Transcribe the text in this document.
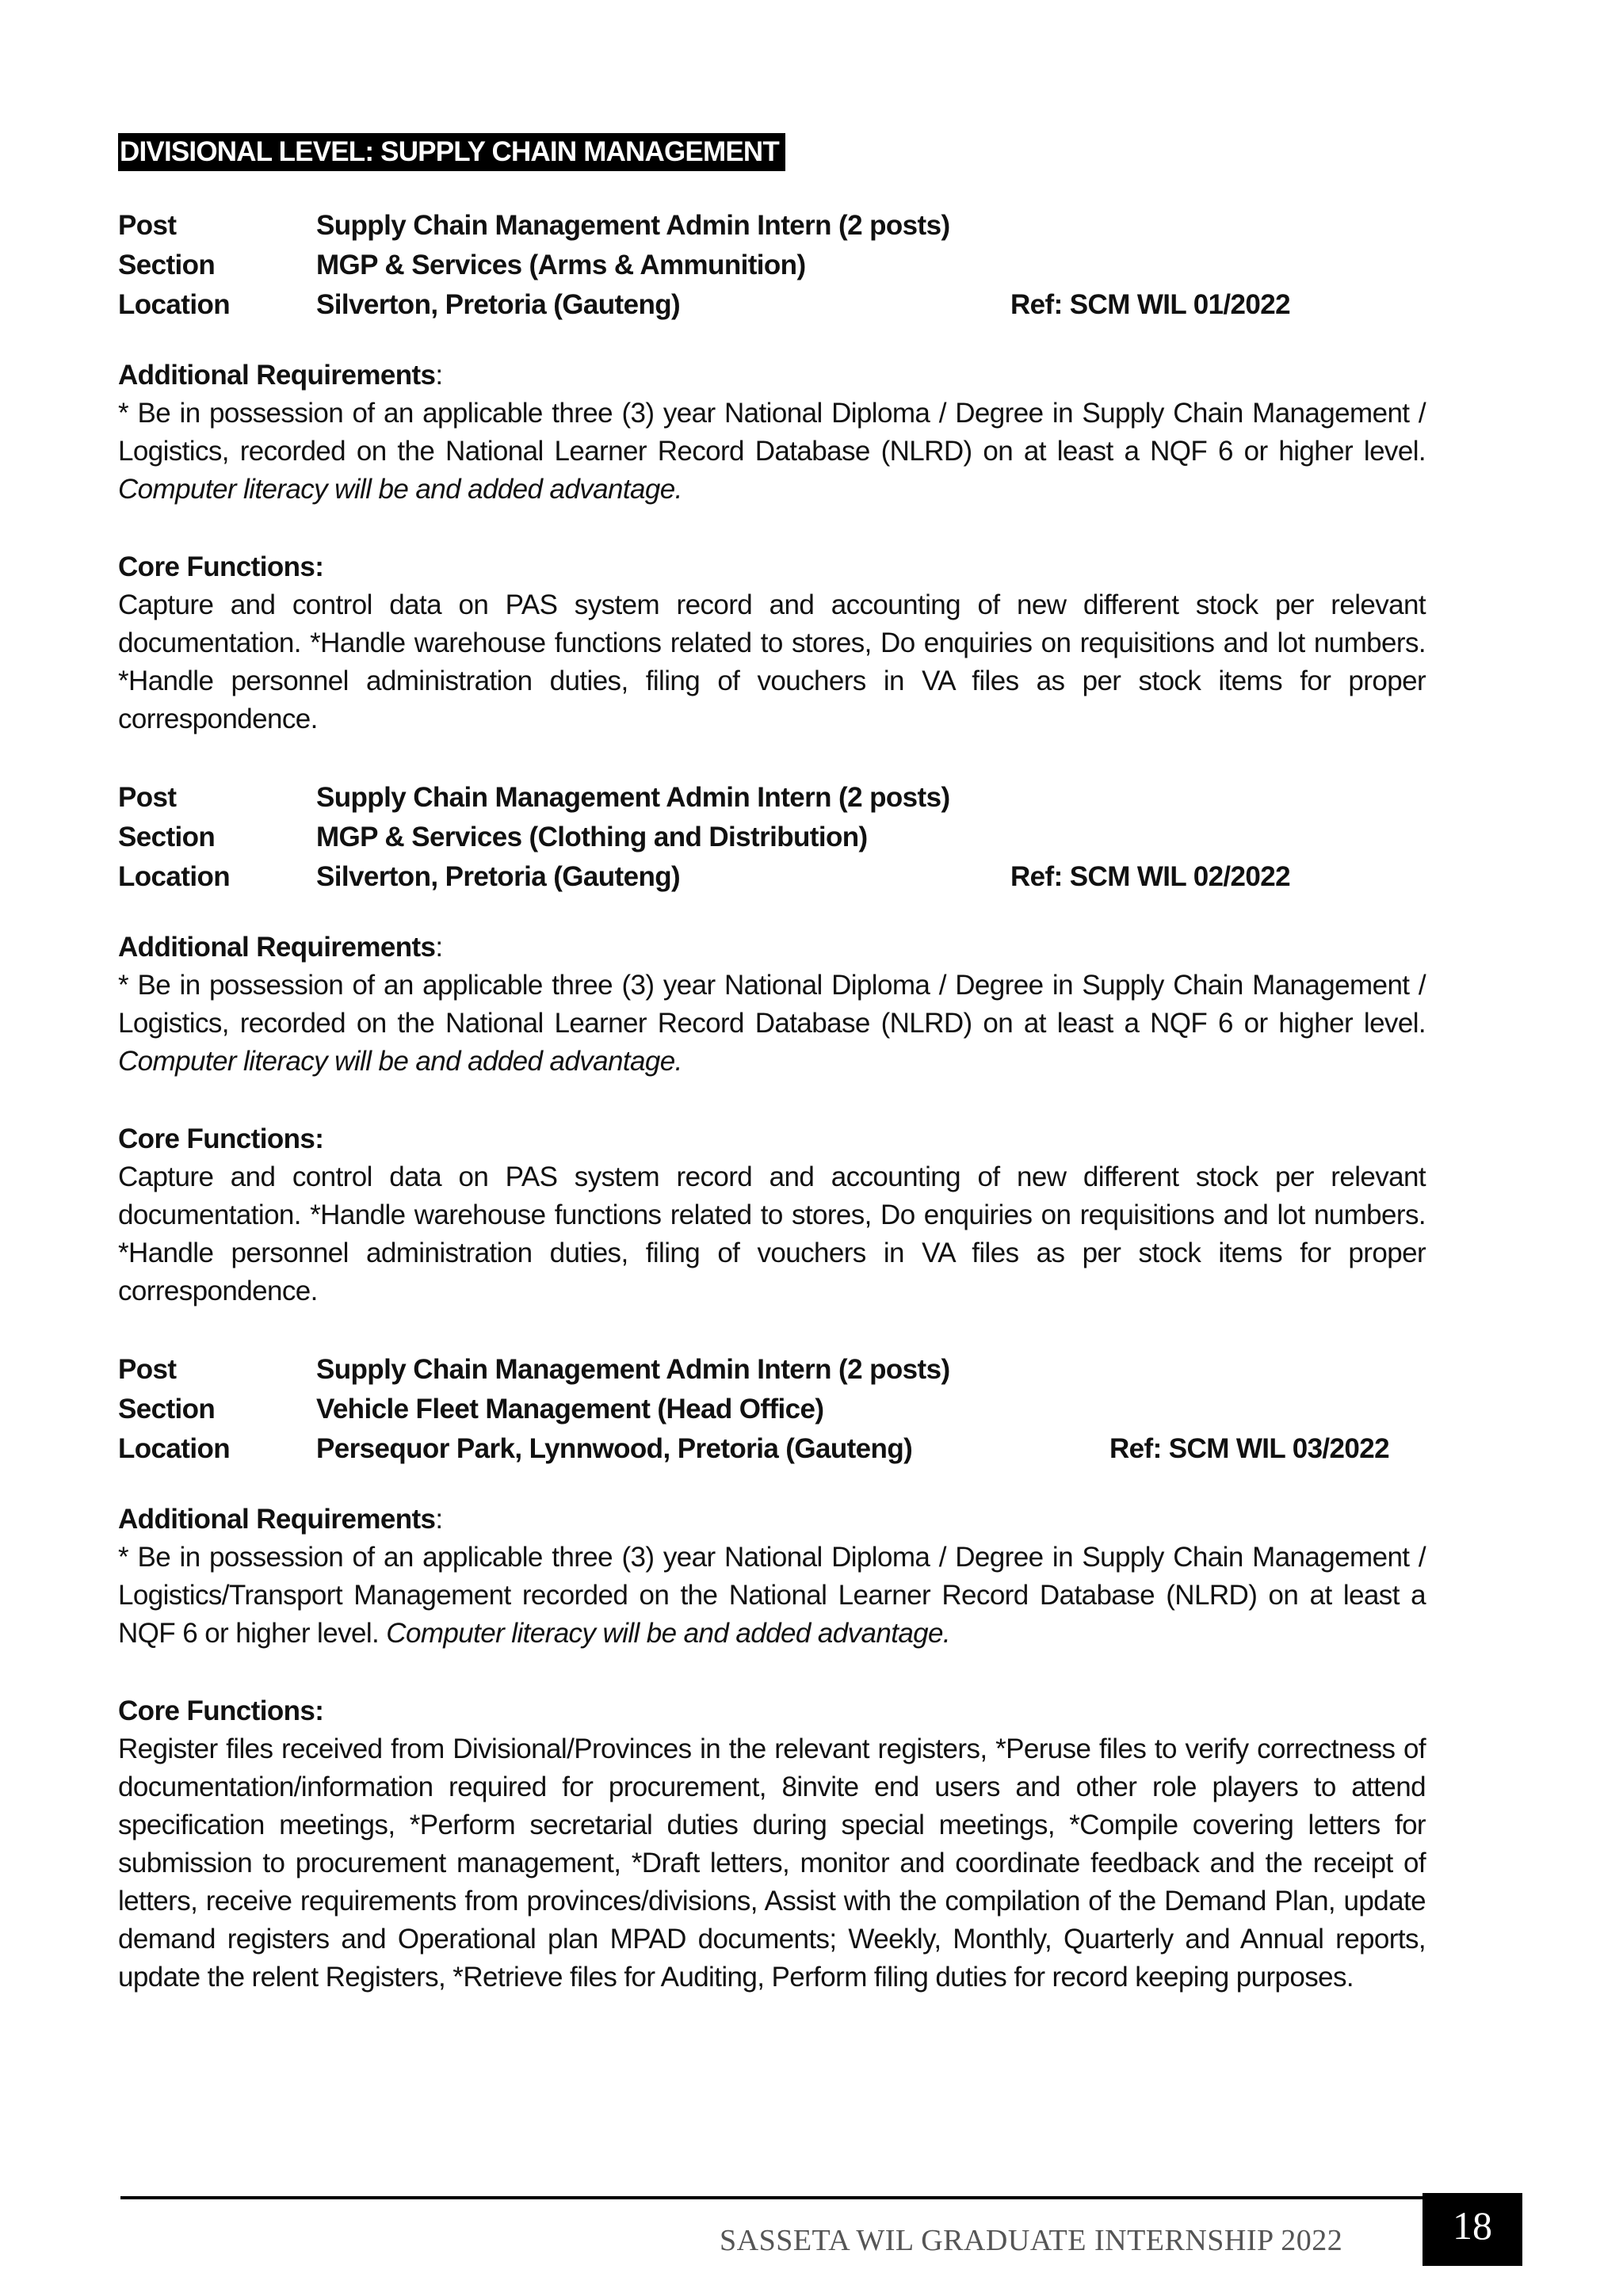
DIVISIONAL LEVEL: SUPPLY CHAIN MANAGEMENT
Post	Supply Chain Management Admin Intern (2 posts)
Section	MGP & Services (Arms & Ammunition)
Location	Silverton, Pretoria (Gauteng)	Ref: SCM WIL 01/2022
Additional Requirements:
* Be in possession of an applicable three (3) year National Diploma / Degree in Supply Chain Management / Logistics, recorded on the National Learner Record Database (NLRD) on at least a NQF 6 or higher level. Computer literacy will be and added advantage.
Core Functions:
Capture and control data on PAS system record and accounting of new different stock per relevant documentation. *Handle warehouse functions related to stores, Do enquiries on requisitions and lot numbers. *Handle personnel administration duties, filing of vouchers in VA files as per stock items for proper correspondence.
Post	Supply Chain Management Admin Intern (2 posts)
Section	MGP & Services (Clothing and Distribution)
Location	Silverton, Pretoria (Gauteng)	Ref: SCM WIL 02/2022
Additional Requirements:
* Be in possession of an applicable three (3) year National Diploma / Degree in Supply Chain Management / Logistics, recorded on the National Learner Record Database (NLRD) on at least a NQF 6 or higher level. Computer literacy will be and added advantage.
Core Functions:
Capture and control data on PAS system record and accounting of new different stock per relevant documentation. *Handle warehouse functions related to stores, Do enquiries on requisitions and lot numbers. *Handle personnel administration duties, filing of vouchers in VA files as per stock items for proper correspondence.
Post	Supply Chain Management Admin Intern (2 posts)
Section	Vehicle Fleet Management (Head Office)
Location	Persequor Park, Lynnwood, Pretoria (Gauteng)	Ref: SCM WIL 03/2022
Additional Requirements:
* Be in possession of an applicable three (3) year National Diploma / Degree in Supply Chain Management / Logistics/Transport Management recorded on the National Learner Record Database (NLRD) on at least a NQF 6 or higher level. Computer literacy will be and added advantage.
Core Functions:
Register files received from Divisional/Provinces in the relevant registers, *Peruse files to verify correctness of documentation/information required for procurement, 8invite end users and other role players to attend specification meetings, *Perform secretarial duties during special meetings, *Compile covering letters for submission to procurement management, *Draft letters, monitor and coordinate feedback and the receipt of letters, receive requirements from provinces/divisions, Assist with the compilation of the Demand Plan, update demand registers and Operational plan MPAD documents; Weekly, Monthly, Quarterly and Annual reports, update the relent Registers, *Retrieve files for Auditing, Perform filing duties for record keeping purposes.
SASSETA WIL GRADUATE INTERNSHIP 2022	18
